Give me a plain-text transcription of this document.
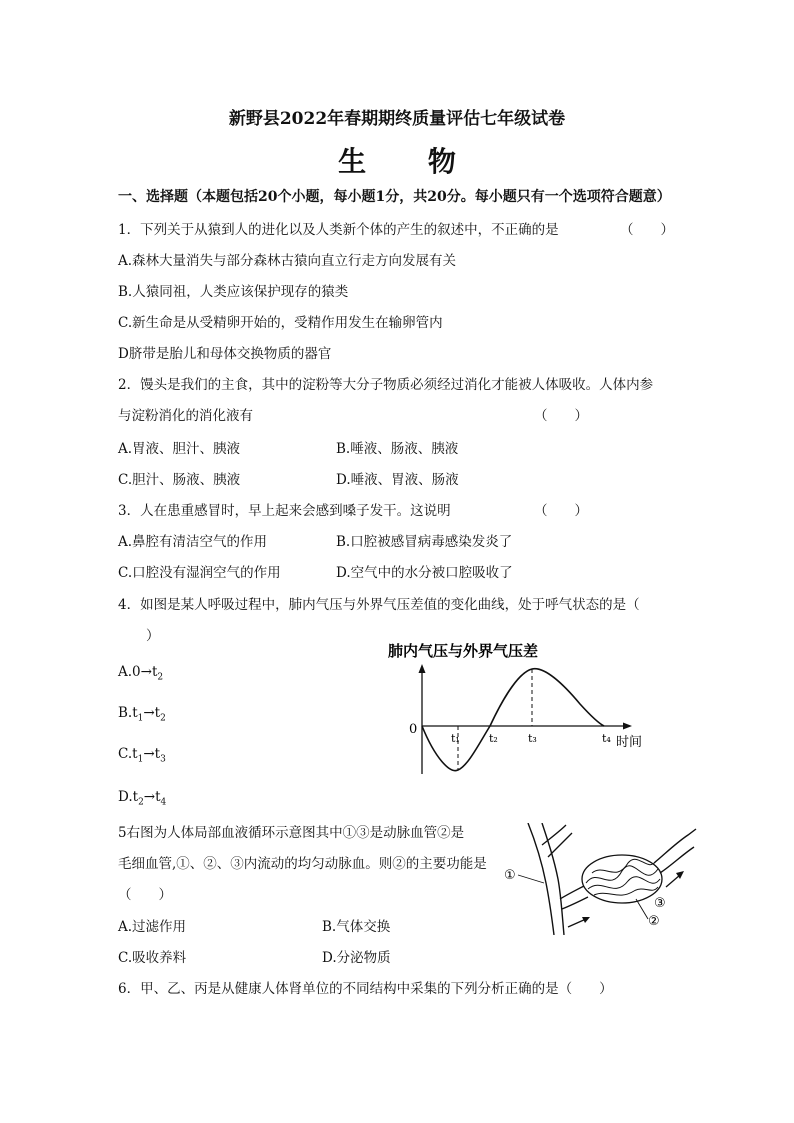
新野县2022年春期期终质量评估七年级试卷
生 物
一、选择题（本题包括20个小题，每小题1分，共20分。每小题只有一个选项符合题意）
1．下列关于从猿到人的进化以及人类新个体的产生的叙述中，不正确的是	（　　）
A.森林大量消失与部分森林古猿向直立行走方向发展有关
B.人猿同祖，人类应该保护现存的猿类
C.新生命是从受精卵开始的，受精作用发生在输卵管内
D脐带是胎儿和母体交换物质的器官
2．馒头是我们的主食，其中的淀粉等大分子物质必须经过消化才能被人体吸收。人体内参
与淀粉消化的消化液有	（　　）
A.胃液、胆汁、胰液	B.唾液、肠液、胰液
C.胆汁、肠液、胰液	D.唾液、胃液、肠液
3．人在患重感冒时，早上起来会感到嗓子发干。这说明	（　　）
A.鼻腔有清洁空气的作用	B.口腔被感冒病毒感染发炎了
C.口腔没有湿润空气的作用	D.空气中的水分被口腔吸收了
4．如图是某人呼吸过程中，肺内气压与外界气压差值的变化曲线，处于呼气状态的是（
）
$A.0\to t_2$
$B.t_1\to t_2$
$C.t_1\to t_3$
$D.t_2\to t_4$
肺内气压与外界气压差
0
t₁	t₂	t₃	t₄ 时间
5右图为人体局部血液循环示意图其中①③是动脉血管②是
毛细血管,①、②、③内流动的均匀动脉血。则②的主要功能是
（　　）
A.过滤作用	B.气体交换
C.吸收养料	D.分泌物质
①
②
③
6．甲、乙、丙是从健康人体肾单位的不同结构中采集的下列分析正确的是（　　）
